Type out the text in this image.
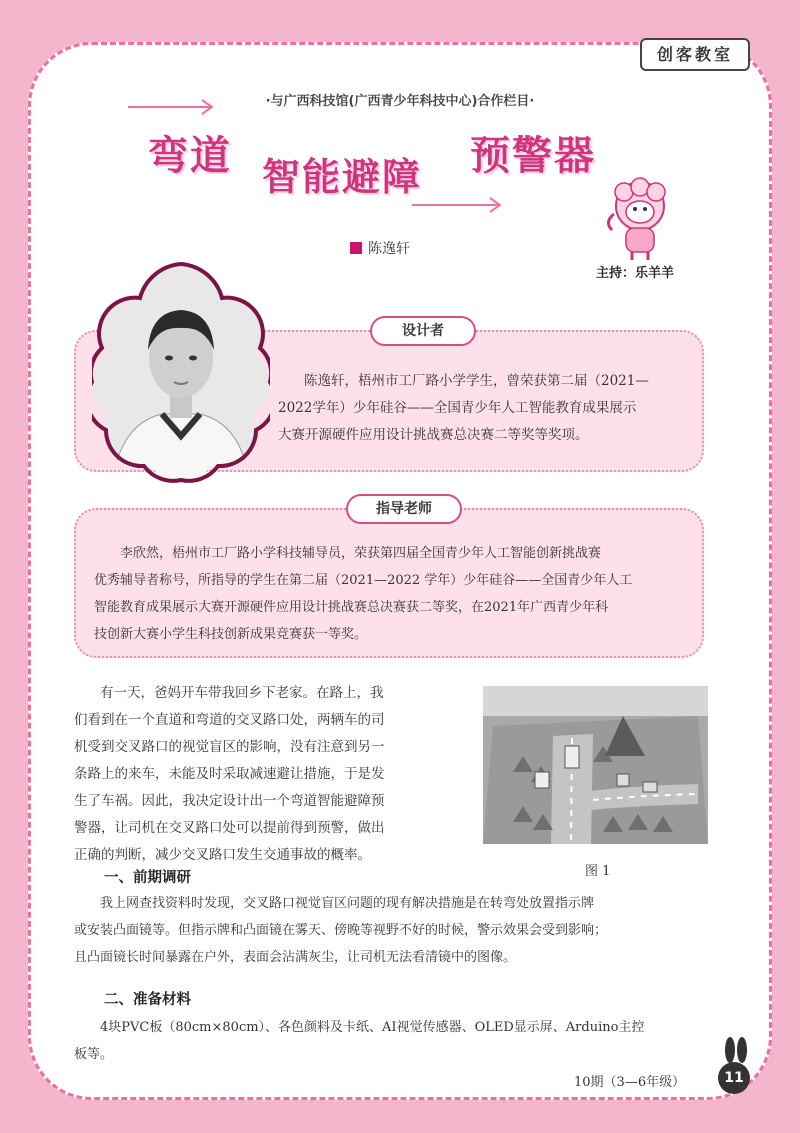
创客教室
·与广西科技馆(广西青少年科技中心)合作栏目·
弯道 智能避障 预警器
陈逸轩
主持：乐羊羊

陈逸轩，梧州市工厂路小学学生，曾荣获第二届（2021—

2022学年）少年硅谷——全国青少年人工智能教育成果展示

大赛开源硬件应用设计挑战赛总决赛二等奖等奖项。

设计者

李欣然，梧州市工厂路小学科技辅导员，荣获第四届全国青少年人工智能创新挑战赛

优秀辅导者称号，所指导的学生在第二届（2021—2022 学年）少年硅谷——全国青少年人工

智能教育成果展示大赛开源硬件应用设计挑战赛总决赛获二等奖，在2021年广西青少年科

技创新大赛小学生科技创新成果竞赛获一等奖。

指导老师

有一天，爸妈开车带我回乡下老家。在路上，我

们看到在一个直道和弯道的交叉路口处，两辆车的司

机受到交叉路口的视觉盲区的影响，没有注意到另一

条路上的来车，未能及时采取减速避让措施，于是发

生了车祸。因此，我决定设计出一个弯道智能避障预

警器，让司机在交叉路口处可以提前得到预警，做出

正确的判断，减少交叉路口发生交通事故的概率。

图 1
一、前期调研

我上网查找资料时发现，交叉路口视觉盲区问题的现有解决措施是在转弯处放置指示牌

或安装凸面镜等。但指示牌和凸面镜在雾天、傍晚等视野不好的时候，警示效果会受到影响；

且凸面镜长时间暴露在户外，表面会沾满灰尘，让司机无法看清镜中的图像。

二、准备材料

4块PVC板（80cm×80cm）、各色颜料及卡纸、AI视觉传感器、OLED显示屏、Arduino主控

板等。

10期（3—6年级）	11
